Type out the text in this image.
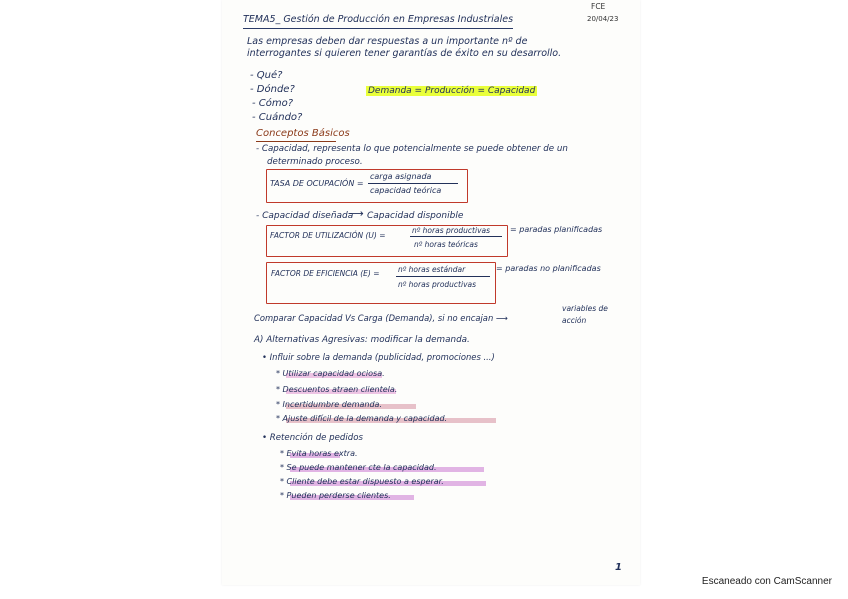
FCE
20/04/23
TEMA5_ Gestión de Producción en Empresas Industriales
Las empresas deben dar respuestas a un importante nº de
interrogantes si quieren tener garantías de éxito en su desarrollo.
- Qué?
- Dónde?
- Cómo?
- Cuándo?
Demanda = Producción = Capacidad
Conceptos Básicos
- Capacidad, representa lo que potencialmente se puede obtener de un
determinado proceso.
TASA DE OCUPACIÓN =
carga asignada
capacidad teórica
- Capacidad diseñada
⟶ Capacidad disponible
FACTOR DE UTILIZACIÓN (U) =
nº horas productivas
nº horas teóricas
= paradas planificadas
FACTOR DE EFICIENCIA (E) = nº horas estándar
nº horas productivas
= paradas no planificadas
Comparar Capacidad Vs Carga (Demanda), si no encajan ⟶
variables de
acción
A) Alternativas Agresivas: modificar la demanda.
• Influir sobre la demanda (publicidad, promociones ...)
* Utilizar capacidad ociosa.
* Descuentos atraen clientela.
* Incertidumbre demanda.
* Ajuste difícil de la demanda y capacidad.
• Retención de pedidos
* Evita horas extra.
* Se puede mantener cte la capacidad.
* Cliente debe estar dispuesto a esperar.
* Pueden perderse clientes.
1
Escaneado con CamScanner
